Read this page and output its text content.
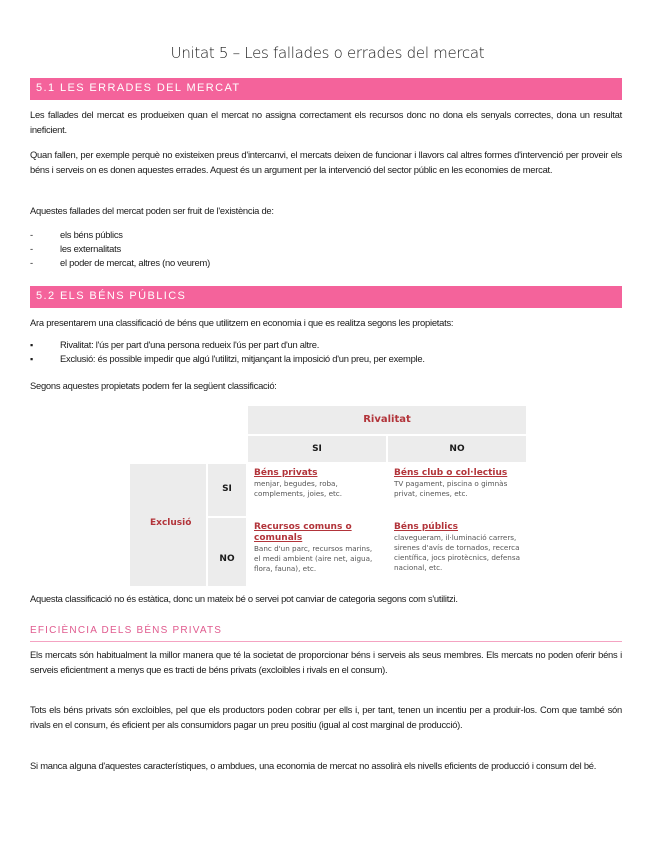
Unitat 5 – Les fallades o errades del mercat
5.1 LES ERRADES DEL MERCAT
Les fallades del mercat es produeixen quan el mercat no assigna correctament els recursos donc no dona els senyals correctes, dona un resultat ineficient.
Quan fallen, per exemple perquè no existeixen preus d'intercanvi, el mercats deixen de funcionar i llavors cal altres formes d'intervenció per proveir els béns i serveis on es donen aquestes errades. Aquest és un argument per la intervenció del sector públic en les economies de mercat.
Aquestes fallades del mercat poden ser fruit de l'existència de:
- els béns públics
- les externalitats
- el poder de mercat, altres (no veurem)
5.2 ELS BÉNS PÚBLICS
Ara presentarem una classificació de béns que utilitzem en economia i que es realitza segons les propietats:
▪ Rivalitat: l'ús per part d'una persona redueix l'ús per part d'un altre.
▪ Exclusió: és possible impedir que algú l'utilitzi, mitjançant la imposició d'un preu, per exemple.
Segons aquestes propietats podem fer la següent classificació:
Rivalitat
SI	NO
Exclusió
SI
NO
Béns privats
menjar, begudes, roba, complements, joies, etc.
Béns club o col·lectius
TV pagament, piscina o gimnàs privat, cinemes, etc.
Recursos comuns o comunals
Banc d'un parc, recursos marins, el medi ambient (aire net, aigua, flora, fauna), etc.
Béns públics
clavegueram, il·luminació carrers, sirenes d'avís de tornados, recerca científica, jocs pirotècnics, defensa nacional, etc.
Aquesta classificació no és estàtica, donc un mateix bé o servei pot canviar de categoria segons com s'utilitzi.
EFICIÈNCIA DELS BÉNS PRIVATS
Els mercats són habitualment la millor manera que té la societat de proporcionar béns i serveis als seus membres. Els mercats no poden oferir béns i serveis eficientment a menys que es tracti de béns privats (excloibles i rivals en el consum).
Tots els béns privats són excloibles, pel que els productors poden cobrar per ells i, per tant, tenen un incentiu per a produir-los. Com que també són rivals en el consum, és eficient per als consumidors pagar un preu positiu (igual al cost marginal de producció).
Si manca alguna d'aquestes característiques, o ambdues, una economia de mercat no assolirà els nivells eficients de producció i consum del bé.
